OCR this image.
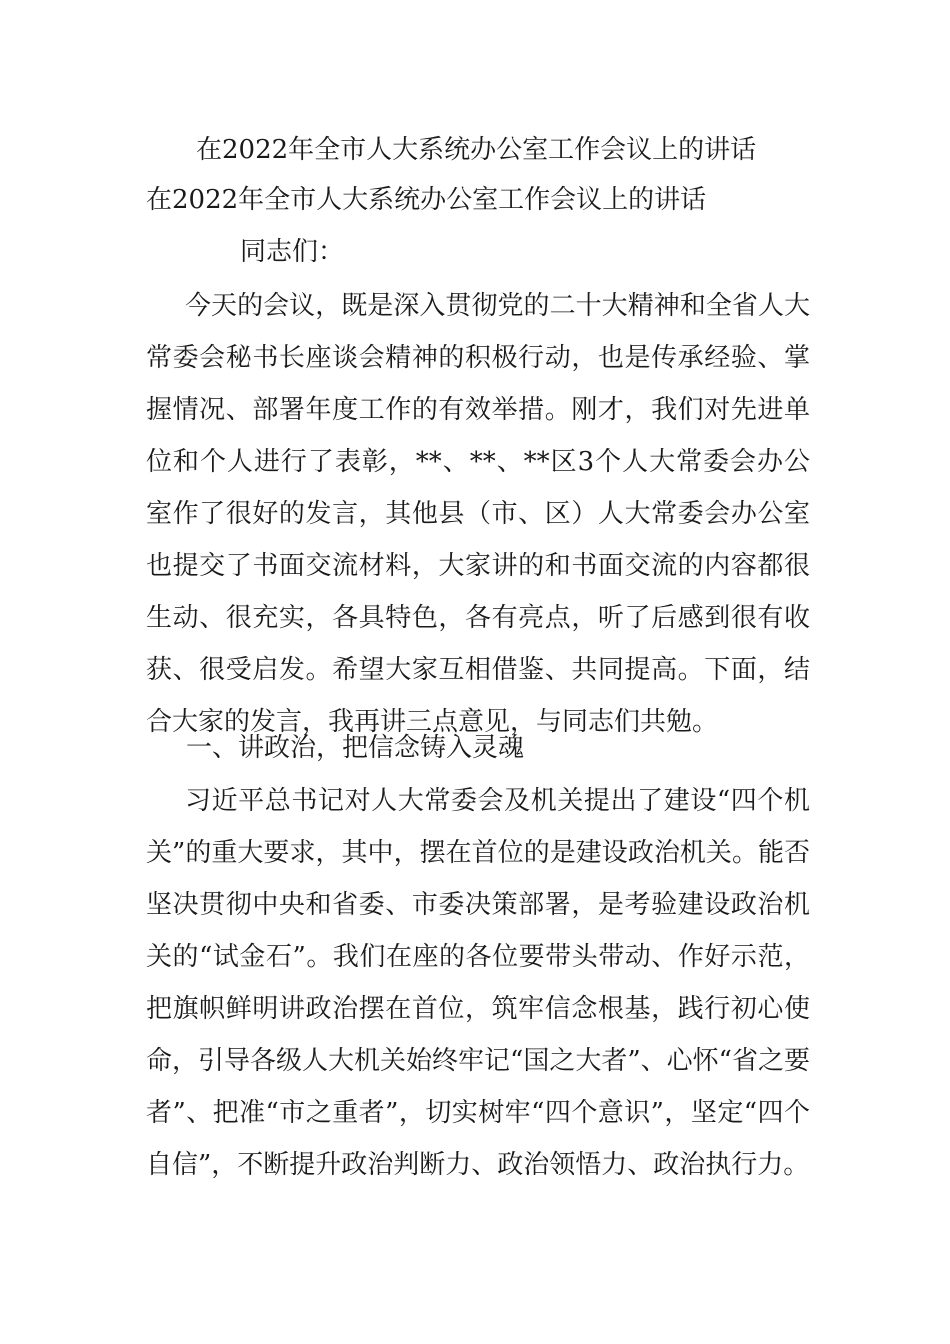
在2022年全市人大系统办公室工作会议上的讲话
在2022年全市人大系统办公室工作会议上的讲话
同志们：

今天的会议，既是深入贯彻党的二十大精神和全省人大常委会秘书长座谈会精神的积极行动，也是传承经验、掌握情况、部署年度工作的有效举措。刚才，我们对先进单位和个人进行了表彰，**、**、**区3个人大常委会办公室作了很好的发言，其他县（市、区）人大常委会办公室也提交了书面交流材料，大家讲的和书面交流的内容都很生动、很充实，各具特色，各有亮点，听了后感到很有收获、很受启发。希望大家互相借鉴、共同提高。下面，结合大家的发言，我再讲三点意见，与同志们共勉。

一、讲政治，把信念铸入灵魂

习近平总书记对人大常委会及机关提出了建设“四个机关”的重大要求，其中，摆在首位的是建设政治机关。能否坚决贯彻中央和省委、市委决策部署，是考验建设政治机关的“试金石”。我们在座的各位要带头带动、作好示范，把旗帜鲜明讲政治摆在首位，筑牢信念根基，践行初心使命，引导各级人大机关始终牢记“国之大者”、心怀“省之要者”、把准“市之重者”，切实树牢“四个意识”，坚定“四个自信”，不断提升政治判断力、政治领悟力、政治执行力。
